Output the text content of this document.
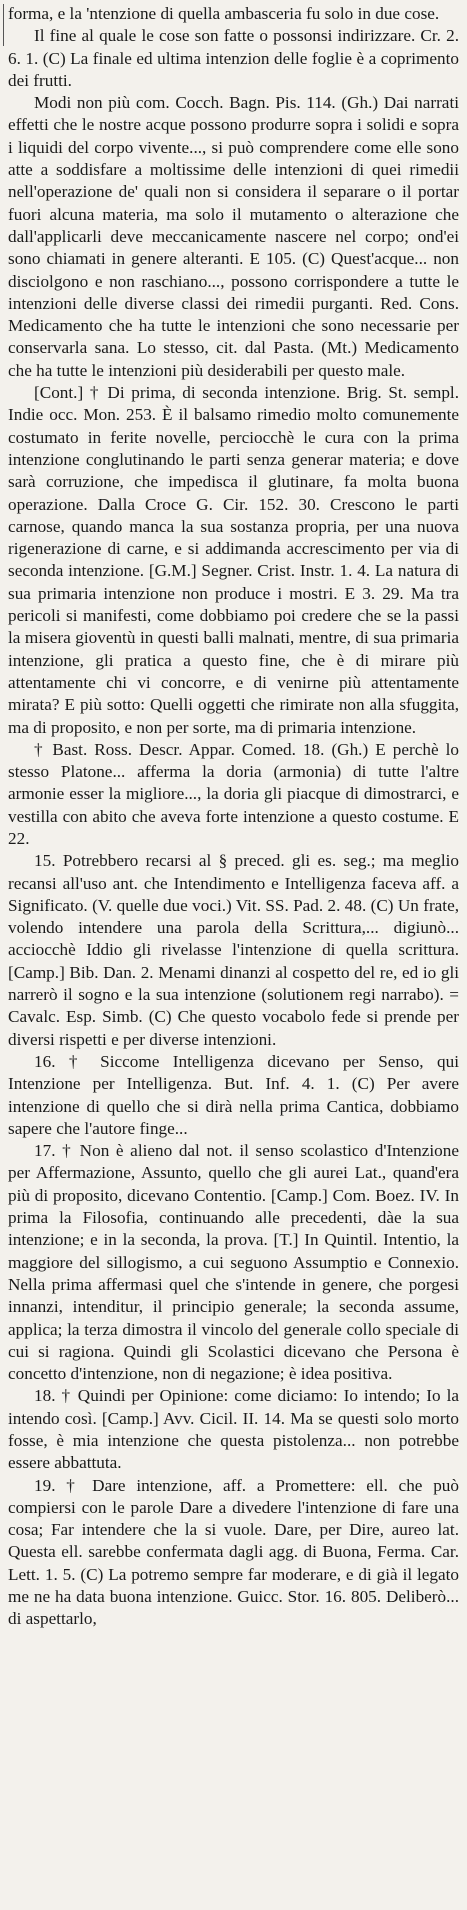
forma, e la 'ntenzione di quella ambasceria fu solo in due cose.

Il fine al quale le cose son fatte o possonsi indirizzare. Cr. 2. 6. 1. (C) La finale ed ultima intenzion delle foglie è a coprimento dei frutti.

Modi non più com. Cocch. Bagn. Pis. 114. (Gh.) Dai narrati effetti che le nostre acque possono produrre sopra i solidi e sopra i liquidi del corpo vivente..., si può comprendere come elle sono atte a soddisfare a moltissime delle intenzioni di quei rimedii nell'operazione de' quali non si considera il separare o il portar fuori alcuna materia, ma solo il mutamento o alterazione che dall'applicarli deve meccanicamente nascere nel corpo; ond'ei sono chiamati in genere alteranti. E 105. (C) Quest'acque... non disciolgono e non raschiano..., possono corrispondere a tutte le intenzioni delle diverse classi dei rimedii purganti. Red. Cons. Medicamento che ha tutte le intenzioni che sono necessarie per conservarla sana. Lo stesso, cit. dal Pasta. (Mt.) Medicamento che ha tutte le intenzioni più desiderabili per questo male.

[Cont.] † Di prima, di seconda intenzione. Brig. St. sempl. Indie occ. Mon. 253. È il balsamo rimedio molto comunemente costumato in ferite novelle, perciocchè le cura con la prima intenzione conglutinando le parti senza generar materia; e dove sarà corruzione, che impedisca il glutinare, fa molta buona operazione. Dalla Croce G. Cir. 152. 30. Crescono le parti carnose, quando manca la sua sostanza propria, per una nuova rigenerazione di carne, e si addimanda accrescimento per via di seconda intenzione. [G.M.] Segner. Crist. Instr. 1. 4. La natura di sua primaria intenzione non produce i mostri. E 3. 29. Ma tra pericoli si manifesti, come dobbiamo poi credere che se la passi la misera gioventù in questi balli malnati, mentre, di sua primaria intenzione, gli pratica a questo fine, che è di mirare più attentamente chi vi concorre, e di venirne più attentamente mirata? E più sotto: Quelli oggetti che rimirate non alla sfuggita, ma di proposito, e non per sorte, ma di primaria intenzione.

† Bast. Ross. Descr. Appar. Comed. 18. (Gh.) E perchè lo stesso Platone... afferma la doria (armonia) di tutte l'altre armonie esser la migliore..., la doria gli piacque di dimostrarci, e vestilla con abito che aveva forte intenzione a questo costume. E 22.

15. Potrebbero recarsi al § preced. gli es. seg.; ma meglio recansi all'uso ant. che Intendimento e Intelligenza faceva aff. a Significato. (V. quelle due voci.) Vit. SS. Pad. 2. 48. (C) Un frate, volendo intendere una parola della Scrittura,... digiunò... acciocchè Iddio gli rivelasse l'intenzione di quella scrittura. [Camp.] Bib. Dan. 2. Menami dinanzi al cospetto del re, ed io gli narrerò il sogno e la sua intenzione (solutionem regi narrabo). = Cavalc. Esp. Simb. (C) Che questo vocabolo fede si prende per diversi rispetti e per diverse intenzioni.

16. † Siccome Intelligenza dicevano per Senso, qui Intenzione per Intelligenza. But. Inf. 4. 1. (C) Per avere intenzione di quello che si dirà nella prima Cantica, dobbiamo sapere che l'autore finge...

17. † Non è alieno dal not. il senso scolastico d'Intenzione per Affermazione, Assunto, quello che gli aurei Lat., quand'era più di proposito, dicevano Contentio. [Camp.] Com. Boez. IV. In prima la Filosofia, continuando alle precedenti, dàe la sua intenzione; e in la seconda, la prova. [T.] In Quintil. Intentio, la maggiore del sillogismo, a cui seguono Assumptio e Connexio. Nella prima affermasi quel che s'intende in genere, che porgesi innanzi, intenditur, il principio generale; la seconda assume, applica; la terza dimostra il vincolo del generale collo speciale di cui si ragiona. Quindi gli Scolastici dicevano che Persona è concetto d'intenzione, non di negazione; è idea positiva.

18. † Quindi per Opinione: come diciamo: Io intendo; Io la intendo così. [Camp.] Avv. Cicil. II. 14. Ma se questi solo morto fosse, è mia intenzione che questa pistolenza... non potrebbe essere abbattuta.

19. † Dare intenzione, aff. a Promettere: ell. che può compiersi con le parole Dare a divedere l'intenzione di fare una cosa; Far intendere che la si vuole. Dare, per Dire, aureo lat. Questa ell. sarebbe confermata dagli agg. di Buona, Ferma. Car. Lett. 1. 5. (C) La potremo sempre far moderare, e di già il legato me ne ha data buona intenzione. Guicc. Stor. 16. 805. Deliberò... di aspettarlo,
